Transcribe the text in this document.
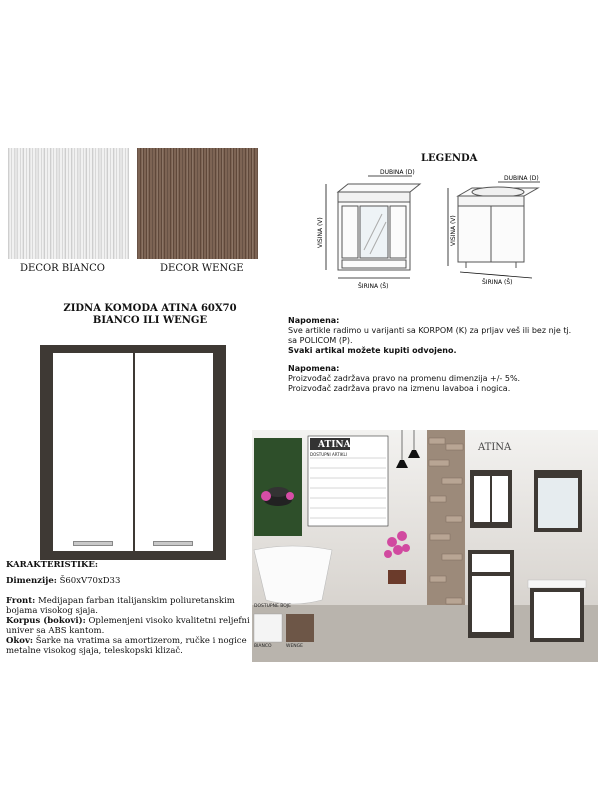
DECOR BIANCO	DECOR WENGE
LEGENDA
DUBINA (D)
VISINA (V)
ŠIRINA (Š)
DUBINA (D)
VISINA (V)
ŠIRINA (Š)
ZIDNA KOMODA ATINA 60X70
BIANCO ILI WENGE	Napomena:
Sve artikle radimo u varijanti sa KORPOM (K) za prljav veš ili bez nje tj.
sa POLICOM (P).
Svaki artikal možete kupiti odvojeno.
Napomena:
Proizvođač zadržava pravo na promenu dimenzija +/- 5%.
Proizvođač zadržava pravo na izmenu lavaboa i nogica.
KARAKTERISTIKE:
Dimenzije: Š60xV70xD33
Front: Medijapan farban italijanskim poliuretanskim bojama visokog sjaja.
Korpus (bokovi): Oplemenjeni visoko kvalitetni reljefni univer sa ABS kantom.
Okov: Šarke na vratima sa amortizerom, ručke i nogice metalne visokog sjaja, teleskopski klizač.
ATINA
DOSTUPNI ARTIKLI
ATINA
DOSTUPNE BOJE
BIANCO	WENGE
